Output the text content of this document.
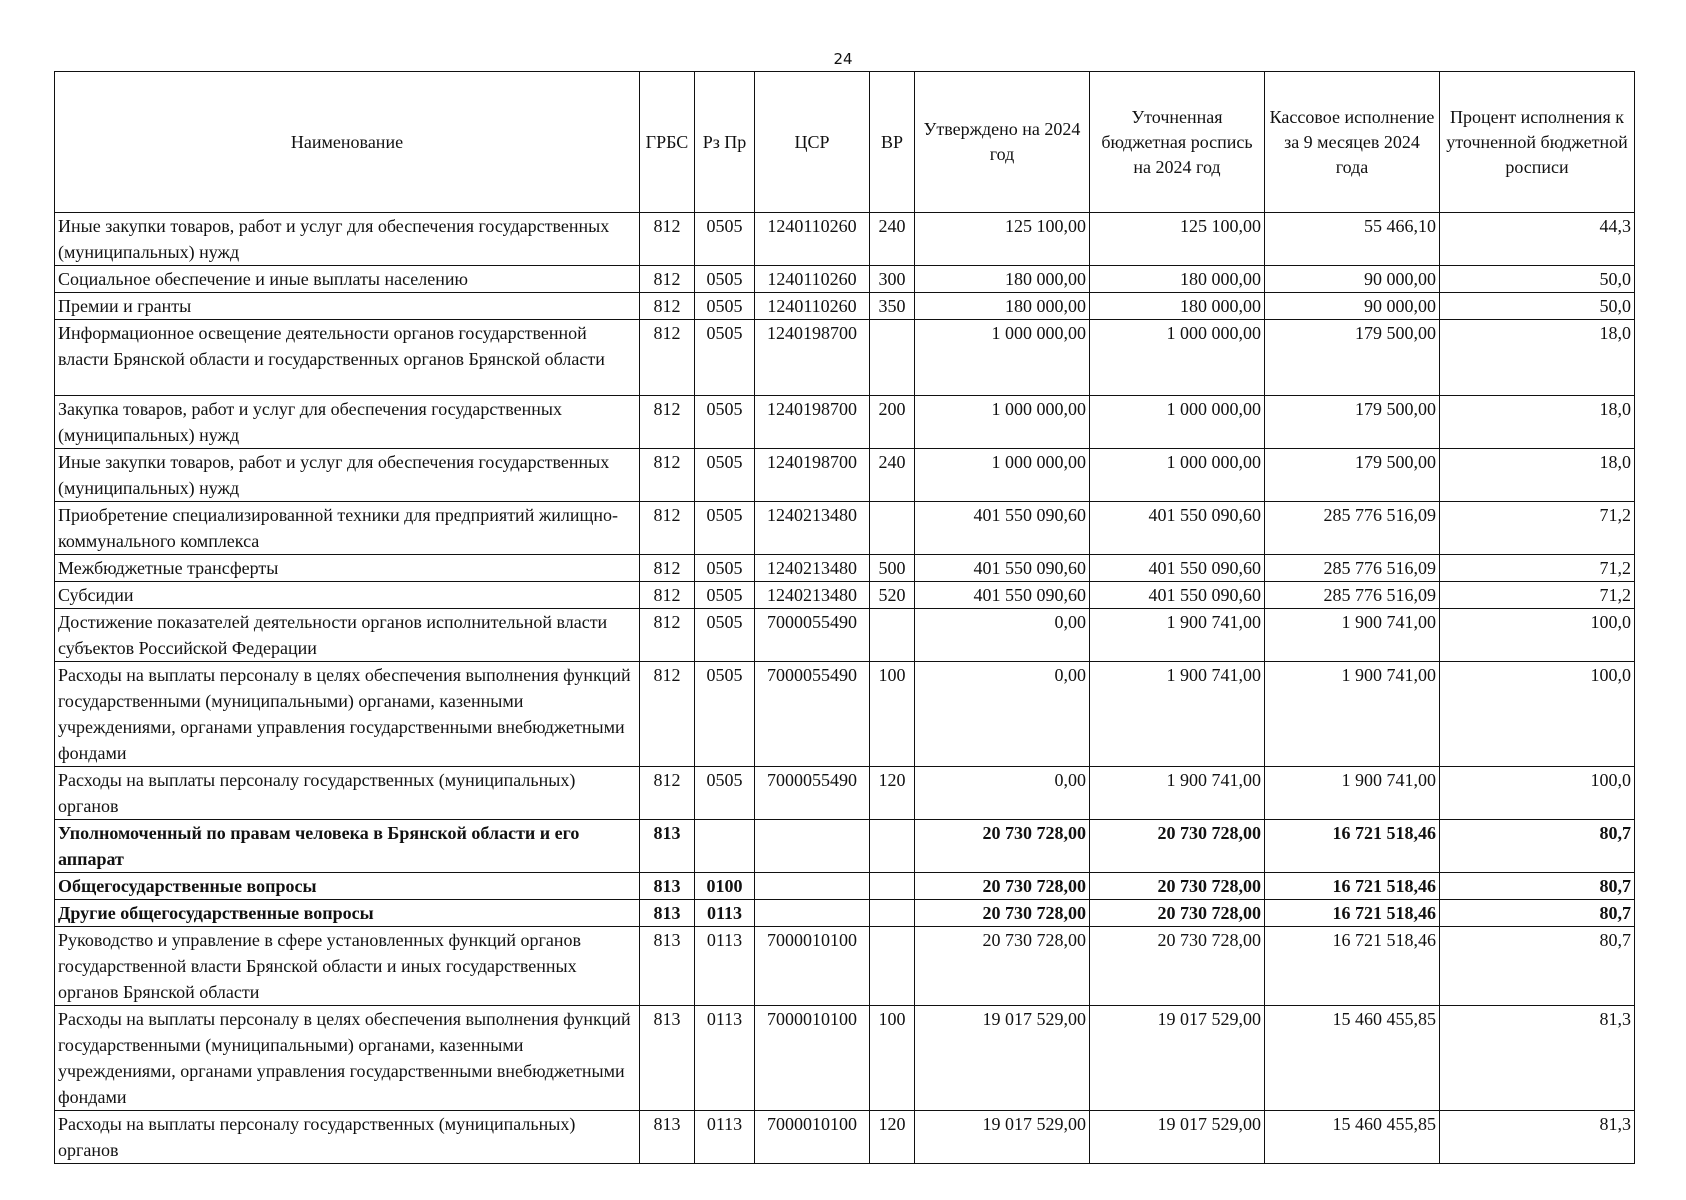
24
Наименование	ГРБС	Рз Пр	ЦСР	ВР	Утверждено на 2024 год	Уточненная бюджетная роспись на 2024 год	Кассовое исполнение за 9 месяцев 2024 года	Процент исполнения к уточненной бюджетной росписи
Иные закупки товаров, работ и услуг для обеспечения государственных (муниципальных) нужд	812	0505	1240110260	240	125 100,00	125 100,00	55 466,10	44,3
Социальное обеспечение и иные выплаты населению	812	0505	1240110260	300	180 000,00	180 000,00	90 000,00	50,0
Премии и гранты	812	0505	1240110260	350	180 000,00	180 000,00	90 000,00	50,0
Информационное освещение деятельности органов государственной власти Брянской области и государственных органов Брянской области	812	0505	1240198700		1 000 000,00	1 000 000,00	179 500,00	18,0
Закупка товаров, работ и услуг для обеспечения государственных (муниципальных) нужд	812	0505	1240198700	200	1 000 000,00	1 000 000,00	179 500,00	18,0
Иные закупки товаров, работ и услуг для обеспечения государственных (муниципальных) нужд	812	0505	1240198700	240	1 000 000,00	1 000 000,00	179 500,00	18,0
Приобретение специализированной техники для предприятий жилищно-коммунального комплекса	812	0505	1240213480		401 550 090,60	401 550 090,60	285 776 516,09	71,2
Межбюджетные трансферты	812	0505	1240213480	500	401 550 090,60	401 550 090,60	285 776 516,09	71,2
Субсидии	812	0505	1240213480	520	401 550 090,60	401 550 090,60	285 776 516,09	71,2
Достижение показателей деятельности органов исполнительной власти субъектов Российской Федерации	812	0505	7000055490		0,00	1 900 741,00	1 900 741,00	100,0
Расходы на выплаты персоналу в целях обеспечения выполнения функций государственными (муниципальными) органами, казенными учреждениями, органами управления государственными внебюджетными фондами	812	0505	7000055490	100	0,00	1 900 741,00	1 900 741,00	100,0
Расходы на выплаты персоналу государственных (муниципальных) органов	812	0505	7000055490	120	0,00	1 900 741,00	1 900 741,00	100,0
Уполномоченный по правам человека в Брянской области и его аппарат	813				20 730 728,00	20 730 728,00	16 721 518,46	80,7
Общегосударственные вопросы	813	0100			20 730 728,00	20 730 728,00	16 721 518,46	80,7
Другие общегосударственные вопросы	813	0113			20 730 728,00	20 730 728,00	16 721 518,46	80,7
Руководство и управление в сфере установленных функций органов государственной власти Брянской области и иных государственных органов Брянской области	813	0113	7000010100		20 730 728,00	20 730 728,00	16 721 518,46	80,7
Расходы на выплаты персоналу в целях обеспечения выполнения функций государственными (муниципальными) органами, казенными учреждениями, органами управления государственными внебюджетными фондами	813	0113	7000010100	100	19 017 529,00	19 017 529,00	15 460 455,85	81,3
Расходы на выплаты персоналу государственных (муниципальных) органов	813	0113	7000010100	120	19 017 529,00	19 017 529,00	15 460 455,85	81,3
